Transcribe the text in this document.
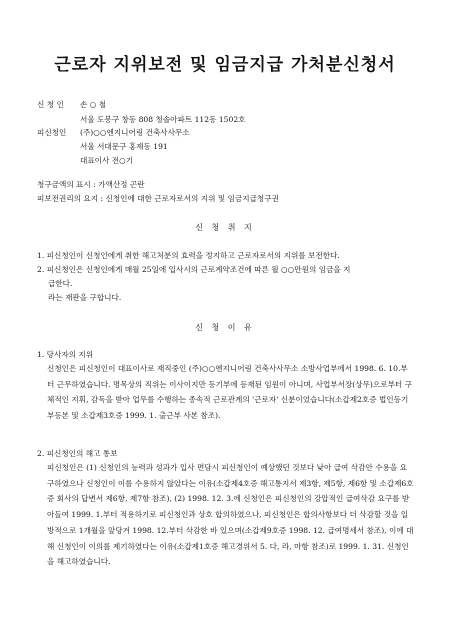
근로자 지위보전 및 임금지급 가처분신청서
신 청 인 손 ○ 철
서울 도봉구 창동 808 청솔아파트 112동 1502호
피신청인 (주)○○엔지니어링 건축사사무소
서울 서대문구 홍제동 191
대표이사 전○기
청구금액의 표시 : 가액산정 곤란
피보전권리의 요지 : 신청인에 대한 근로자로서의 지위 및 임금지급청구권
신 청 취 지
1. 피신청인이 신청인에게 취한 해고처분의 효력을 정지하고 근로자로서의 지위를 보전한다.
2. 피신청인은 신청인에게 매월 25일에 입사시의 근로계약조건에 따른 월 ○○만원의 임금을 지
급한다.
라는 재판을 구합니다.
신 청 이 유
1. 당사자의 지위
신청인은 피신청인이 대표이사로 재직중인 (주)○○엔지니어링 건축사사무소 소방사업부에서 1998. 6. 10.부터 근무하였습니다. 명목상의 직위는 이사이지만 등기부에 등재된 임원이 아니며, 사업부서장(상무)으로부터 구체적인 지휘, 감독을 받아 업무를 수행하는 종속적 근로관계의 '근로자' 신분이었습니다(소갑제2호증 법인등기부등본 및 소갑제3호증 1999. 1. 출근부 사본 참조).
2. 피신청인의 해고 통보
피신청인은 (1) 신청인의 능력과 성과가 입사 면담시 피신청인이 예상했던 것보다 낮아 급여 삭감안 수용을 요구하였으나 신청인이 이를 수용하지 않았다는 이유(소갑제4호증 해고통지서 제3항, 제5항, 제6항 및 소갑제6호증 회사의 답변서 제6항, 제7항 참조), (2) 1998. 12. 3.에 신청인은 피신청인의 강압적인 급여삭감 요구를 받아들여 1999. 1.부터 적용하기로 피신청인과 상호 합의하였으나, 피신청인은 합의사항보다 더 삭감할 것을 일방적으로 1개월을 앞당겨 1998. 12.부터 삭감한 바 있으며(소갑제9호증 1998. 12. 급여명세서 참조), 이에 대해 신청인이 이의를 제기하였다는 이유(소갑제1호증 해고경위서 5. 다, 라, 마항 참조)로 1999. 1. 31. 신청인을 해고하였습니다.
